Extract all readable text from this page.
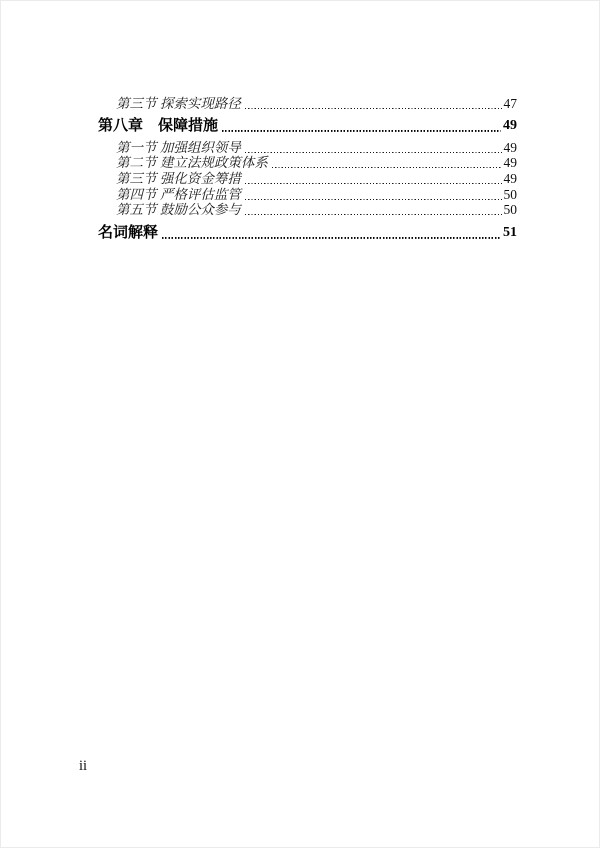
第三节 探索实现路径	47
第八章　保障措施	49
第一节 加强组织领导	49
第二节 建立法规政策体系	49
第三节 强化资金筹措	49
第四节 严格评估监管	50
第五节 鼓励公众参与	50
名词解释	51
ii
